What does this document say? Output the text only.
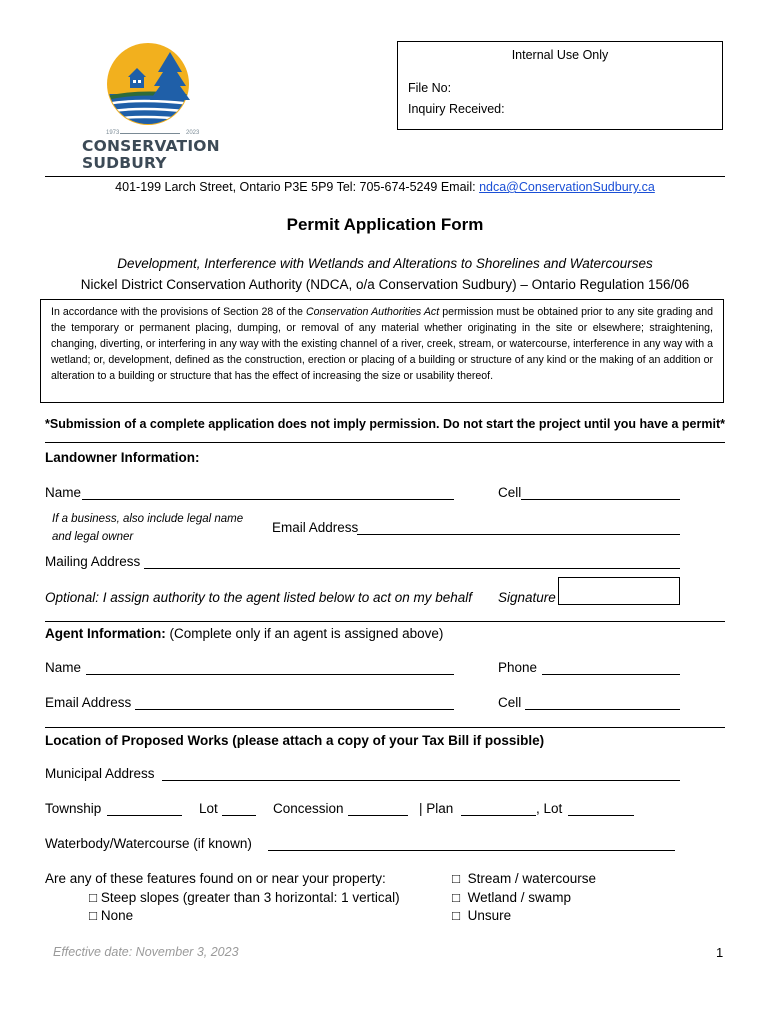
1973	2023
CONSERVATION
SUDBURY
Internal Use Only
File No:
Inquiry Received:
401-199 Larch Street, Ontario P3E 5P9 Tel: 705-674-5249 Email: ndca@ConservationSudbury.ca
Permit Application Form
Development, Interference with Wetlands and Alterations to Shorelines and Watercourses
Nickel District Conservation Authority (NDCA, o/a Conservation Sudbury) – Ontario Regulation 156/06
In accordance with the provisions of Section 28 of the Conservation Authorities Act permission must be obtained prior to any site grading and the temporary or permanent placing, dumping, or removal of any material whether originating in the site or elsewhere; straightening, changing, diverting, or interfering in any way with the existing channel of a river, creek, stream, or watercourse, interference in any way with a wetland; or, development, defined as the construction, erection or placing of a building or structure of any kind or the making of an addition or alteration to a building or structure that has the effect of increasing the size or usability thereof.
*Submission of a complete application does not imply permission. Do not start the project until you have a permit*
Landowner Information:
Name	Cell
If a business, also include legal name
and legal owner
Email Address
Mailing Address
Optional: I assign authority to the agent listed below to act on my behalf Signature
Agent Information: (Complete only if an agent is assigned above)
Name	Phone
Email Address	Cell
Location of Proposed Works (please attach a copy of your Tax Bill if possible)
Municipal Address
Township	Lot	Concession	| Plan	, Lot
Waterbody/Watercourse (if known)
Are any of these features found on or near your property:
□ Steep slopes (greater than 3 horizontal: 1 vertical)
□ None
□ Stream / watercourse
□ Wetland / swamp
□ Unsure
Effective date: November 3, 2023	1
